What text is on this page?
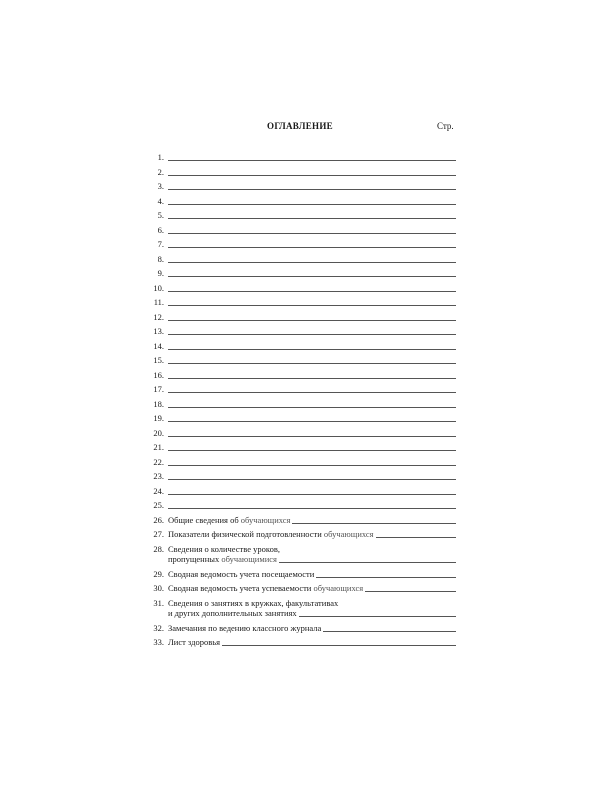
ОГЛАВЛЕНИЕ	Стр.
1.
2.
3.
4.
5.
6.
7.
8.
9.
10.
11.
12.
13.
14.
15.
16.
17.
18.
19.
20.
21.
22.
23.
24.
25.
26. Общие сведения об обучающихся
27. Показатели физической подготовленности обучающихся
28. Сведения о количестве уроков,
пропущенных обучающимися
29. Сводная ведомость учета посещаемости
30. Сводная ведомость учета успеваемости обучающихся
31. Сведения о занятиях в кружках, факультативах
и других дополнительных занятиях
32. Замечания по ведению классного журнала
33. Лист здоровья
